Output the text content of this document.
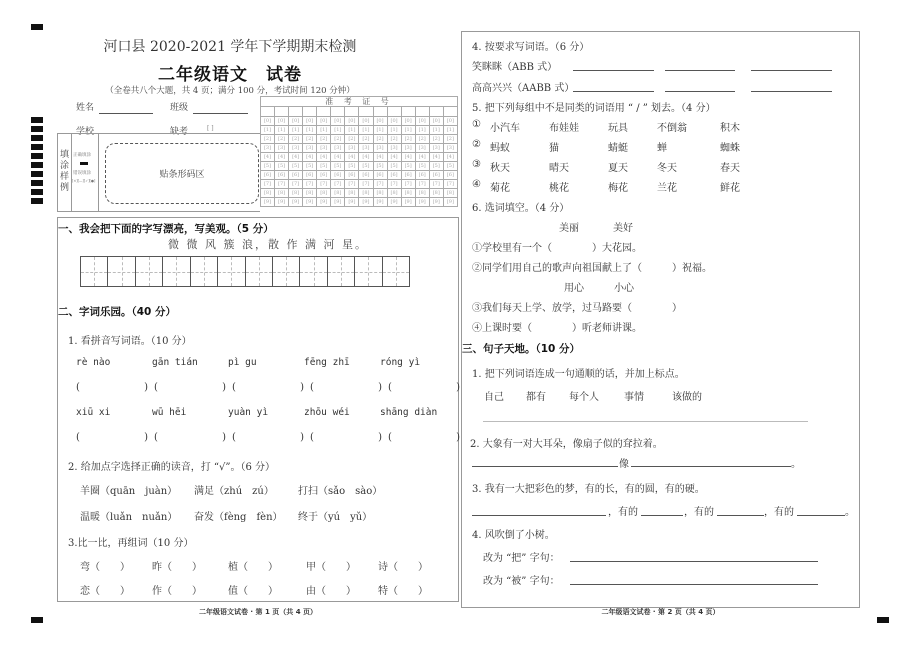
河口县 2020-2021 学年下学期期末检测
二年级语文　试卷
（全卷共八个大题，共 4 页；满分 100 分，考试时间 120 分钟）
姓名	班级
学校	缺考	[ ]
填涂样例
正确填涂
错误填涂
[×][—][✓][●]
贴条形码区
准 考 证 号													

[0]	[0]	[0]	[0]	[0]	[0]	[0]	[0]	[0]	[0]	[0]	[0]	[0]	[0]
[1]	[1]	[1]	[1]	[1]	[1]	[1]	[1]	[1]	[1]	[1]	[1]	[1]	[1]
[2]	[2]	[2]	[2]	[2]	[2]	[2]	[2]	[2]	[2]	[2]	[2]	[2]	[2]
[3]	[3]	[3]	[3]	[3]	[3]	[3]	[3]	[3]	[3]	[3]	[3]	[3]	[3]
[4]	[4]	[4]	[4]	[4]	[4]	[4]	[4]	[4]	[4]	[4]	[4]	[4]	[4]
[5]	[5]	[5]	[5]	[5]	[5]	[5]	[5]	[5]	[5]	[5]	[5]	[5]	[5]
[6]	[6]	[6]	[6]	[6]	[6]	[6]	[6]	[6]	[6]	[6]	[6]	[6]	[6]
[7]	[7]	[7]	[7]	[7]	[7]	[7]	[7]	[7]	[7]	[7]	[7]	[7]	[7]
[8]	[8]	[8]	[8]	[8]	[8]	[8]	[8]	[8]	[8]	[8]	[8]	[8]	[8]
[9]	[9]	[9]	[9]	[9]	[9]	[9]	[9]	[9]	[9]	[9]	[9]	[9]	[9]
一、我会把下面的字写漂亮，写美观。（5 分）
微 微 风 簇 浪，散 作 满 河 星。
二、字词乐园。（40 分）
1. 看拼音写词语。（10 分）
rè nào	gān tián	pì gu	fēng zhī	róng yì
(	) (	) (	) (	) (	)
xiū xi	wū hēi	yuàn yì	zhōu wéi	shāng diàn
(	) (	) (	) (	) (	)
2. 给加点字选择正确的读音，打 “√”。（6 分）
羊圈（quān　juàn）	满足（zhú　zú）	打扫（sǎo　sào）
温暖（luǎn　nuǎn）	奋发（fèng　fèn）	终于（yú　yǔ）
3.比一比，再组词（10 分）
弯（　　）	昨（　　）	植（　　）	甲（　　）	诗（　　）
恋（　　）	作（　　）	值（　　）	由（　　）	特（　　）
二年级语文试卷 · 第 1 页（共 4 页）
4. 按要求写词语。（6 分）
笑眯眯（ABB 式）
高高兴兴（AABB 式）
5. 把下列每组中不是同类的词语用 “ / ” 划去。（4 分）
① 小汽车	布娃娃	玩具	不倒翁	积木
② 蚂蚁	猫	蜻蜓	蝉	蜘蛛
③ 秋天	晴天	夏天	冬天	春天
④ 菊花	桃花	梅花	兰花	鲜花
6. 选词填空。（4 分）
美丽	美好
①学校里有一个（　　　　）大花园。
②同学们用自己的歌声向祖国献上了（　　　）祝福。
用心	小心
③我们每天上学、放学，过马路要（　　　　）
④上课时要（　　　　）听老师讲课。
三、句子天地。（10 分）
1. 把下列词语连成一句通顺的话，并加上标点。
自己	都有	每个人	事情	该做的
2. 大象有一对大耳朵，像扇子似的耷拉着。
像	。
3. 我有一大把彩色的梦，有的长，有的圆，有的硬。
，有的	，有的	，有的	。
4. 风吹倒了小树。
改为 “把” 字句：
改为 “被” 字句：
二年级语文试卷 · 第 2 页（共 4 页）
